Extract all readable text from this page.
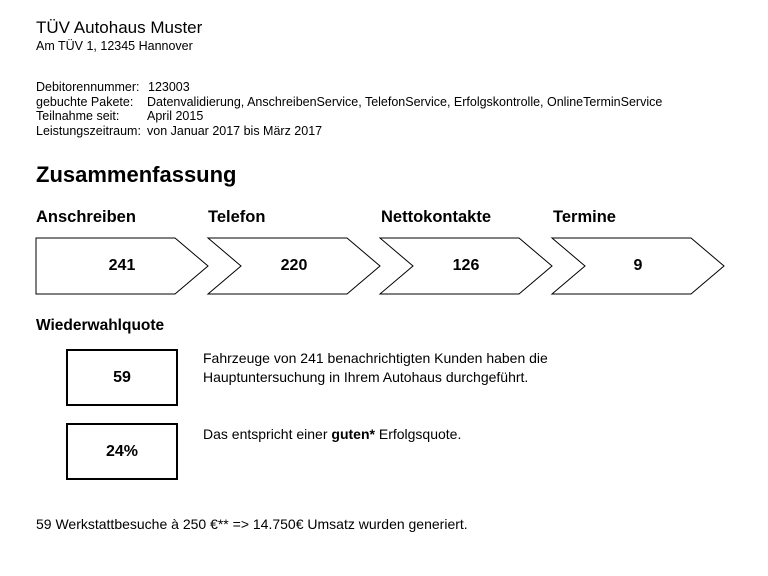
TÜV Autohaus Muster
Am TÜV 1, 12345 Hannover
Debitorennummer: 123003
gebuchte Pakete: Datenvalidierung, AnschreibenService, TelefonService, Erfolgskontrolle, OnlineTerminService
Teilnahme seit: April 2015
Leistungszeitraum: von Januar 2017 bis März 2017
Zusammenfassung
Anschreiben	Telefon	Nettokontakte	Termine
241	220	126	9
Wiederwahlquote
59
Fahrzeuge von 241 benachrichtigten Kunden haben die
Hauptuntersuchung in Ihrem Autohaus durchgeführt.
24%
Das entspricht einer guten* Erfolgsquote.
59 Werkstattbesuche à 250 €** => 14.750€ Umsatz wurden generiert.
